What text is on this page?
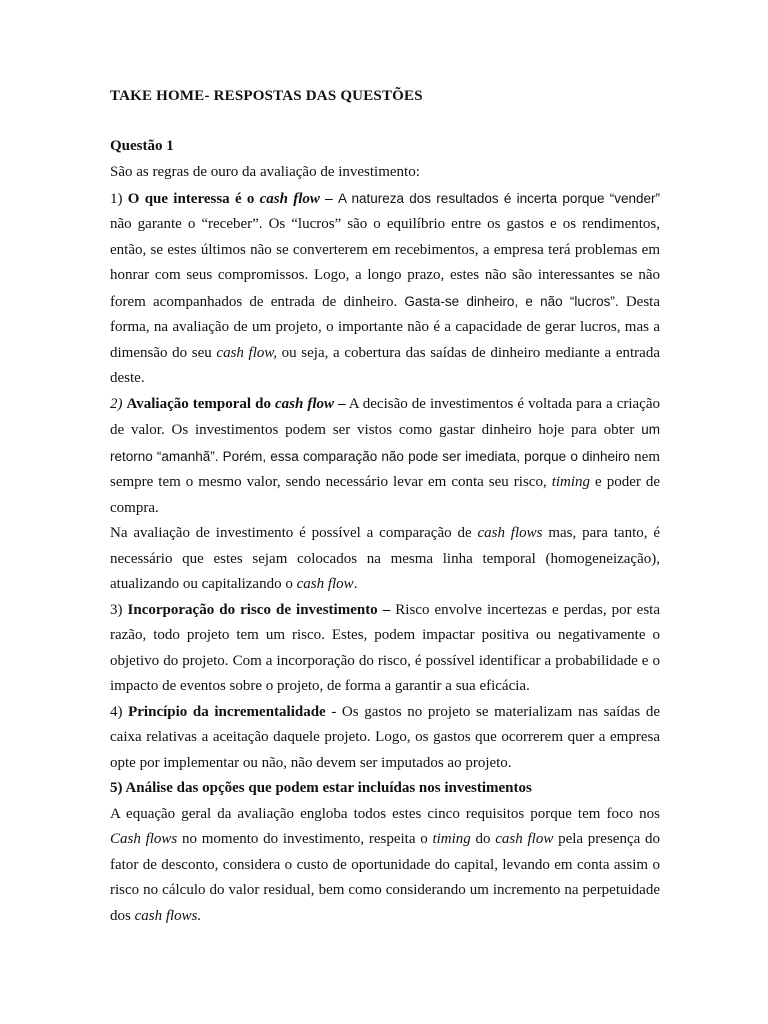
TAKE HOME- RESPOSTAS DAS QUESTÕES
Questão 1

São as regras de ouro da avaliação de investimento:

1) O que interessa é o cash flow – A natureza dos resultados é incerta porque “vender” não garante o “receber”. Os “lucros” são o equilíbrio entre os gastos e os rendimentos, então, se estes últimos não se converterem em recebimentos, a empresa terá problemas em honrar com seus compromissos. Logo, a longo prazo, estes não são interessantes se não forem acompanhados de entrada de dinheiro. Gasta-se dinheiro, e não “lucros”. Desta forma, na avaliação de um projeto, o importante não é a capacidade de gerar lucros, mas a dimensão do seu cash flow, ou seja, a cobertura das saídas de dinheiro mediante a entrada deste.

2) Avaliação temporal do cash flow – A decisão de investimentos é voltada para a criação de valor. Os investimentos podem ser vistos como gastar dinheiro hoje para obter um retorno “amanhã”. Porém, essa comparação não pode ser imediata, porque o dinheiro nem sempre tem o mesmo valor, sendo necessário levar em conta seu risco, timing e poder de compra.

Na avaliação de investimento é possível a comparação de cash flows mas, para tanto, é necessário que estes sejam colocados na mesma linha temporal (homogeneização), atualizando ou capitalizando o cash flow.

3) Incorporação do risco de investimento – Risco envolve incertezas e perdas, por esta razão, todo projeto tem um risco. Estes, podem impactar positiva ou negativamente o objetivo do projeto. Com a incorporação do risco, é possível identificar a probabilidade e o impacto de eventos sobre o projeto, de forma a garantir a sua eficácia.

4) Princípio da incrementalidade - Os gastos no projeto se materializam nas saídas de caixa relativas a aceitação daquele projeto. Logo, os gastos que ocorrerem quer a empresa opte por implementar ou não, não devem ser imputados ao projeto.

5) Análise das opções que podem estar incluídas nos investimentos

A equação geral da avaliação engloba todos estes cinco requisitos porque tem foco nos Cash flows no momento do investimento, respeita o timing do cash flow pela presença do fator de desconto, considera o custo de oportunidade do capital, levando em conta assim o risco no cálculo do valor residual, bem como considerando um incremento na perpetuidade dos cash flows.
